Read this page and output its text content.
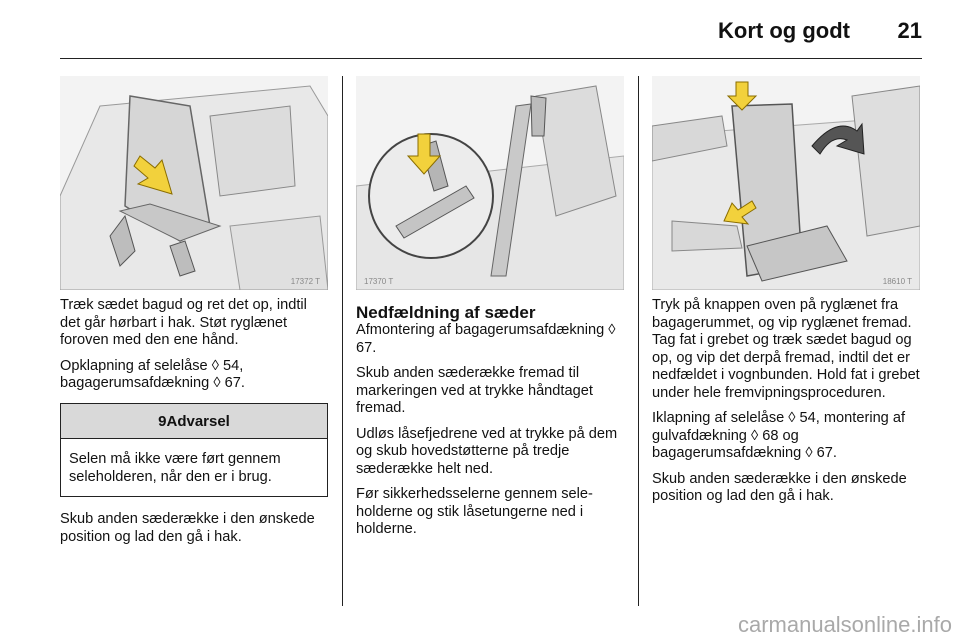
Kort og godt 21
17372 T	17370 T	18610 T

Træk sædet bagud og ret det op, indtil det går hørbart i hak. Støt ryglænet foroven med den ene hånd.

Opklapning af selelåse ◊ 54, bagagerumsafdækning ◊ 67.

9Advarsel
Selen må ikke være ført gennem seleholderen, når den er i brug.

Skub anden sæderække i den ønskede position og lad den gå i hak.

Nedfældning af sæder

Afmontering af bagagerumsafdækning ◊ 67.

Skub anden sæderække fremad til markeringen ved at trykke håndtaget fremad.

Udløs låsefjedrene ved at trykke på dem og skub hovedstøtterne på tredje sæderække helt ned.

Før sikkerhedsselerne gennem seleholderne og stik låsetungerne ned i holderne.

Tryk på knappen oven på ryglænet fra bagagerummet, og vip ryglænet fremad. Tag fat i grebet og træk sædet bagud og op, og vip det derpå fremad, indtil det er nedfældet i vognbunden. Hold fat i grebet under hele fremvipningsproceduren.

Iklapning af selelåse ◊ 54, montering af gulvafdækning ◊ 68 og bagagerumsafdækning ◊ 67.

Skub anden sæderække i den ønskede position og lad den gå i hak.

carmanualsonline.info
